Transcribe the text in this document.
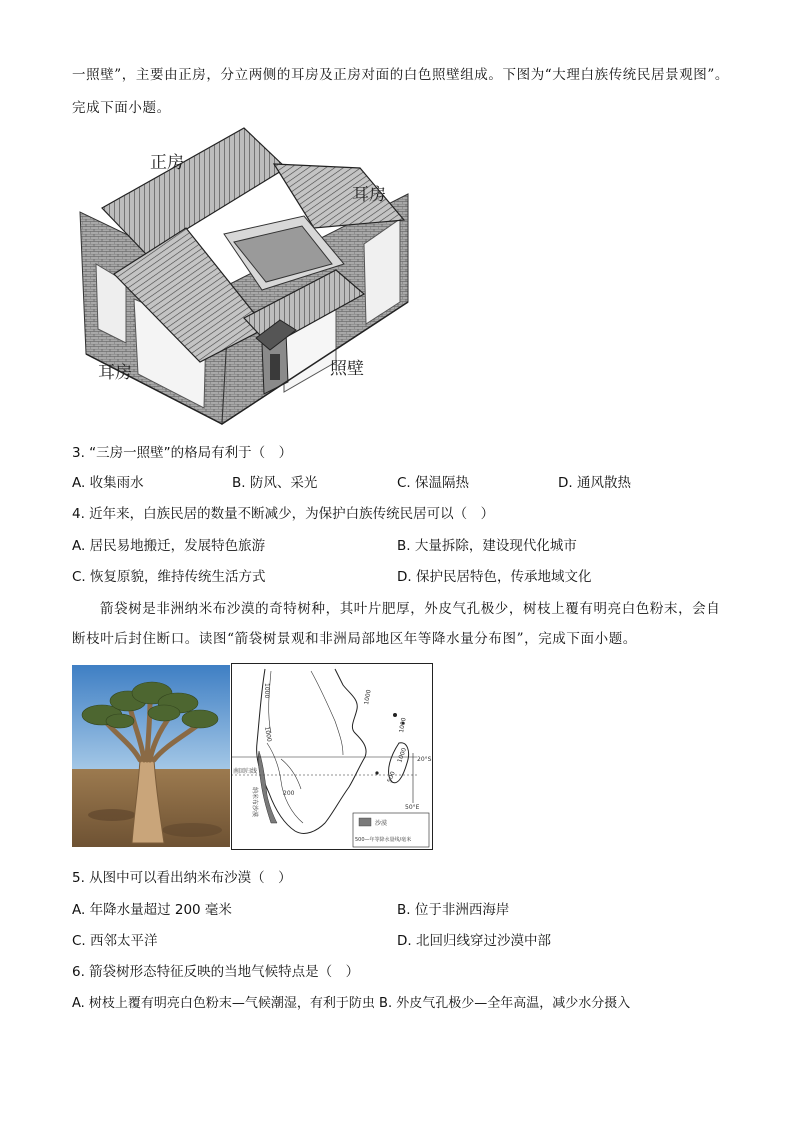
一照壁”，主要由正房，分立两侧的耳房及正房对面的白色照壁组成。下图为“大理白族传统民居景观图”。
完成下面小题。
正房
耳房
耳房	照壁
3. “三房一照壁”的格局有利于（　）
A. 收集雨水	B. 防风、采光	C. 保温隔热	D. 通风散热
4. 近年来，白族民居的数量不断减少，为保护白族传统民居可以（　）
A. 居民易地搬迁，发展特色旅游	B. 大量拆除，建设现代化城市
C. 恢复原貌，维持传统生活方式	D. 保护民居特色，传承地域文化
箭袋树是非洲纳米布沙漠的奇特树种，其叶片肥厚，外皮气孔极少，树枝上覆有明亮白色粉末，会自
断枝叶后封住断口。读图“箭袋树景观和非洲局部地区年等降水量分布图”，完成下面小题。
1000	1000
1000
1000
500
200
1000
20°S
50°E
南回归线
纳米布沙漠
沙漠
500—年等降水量线/毫米
5. 从图中可以看出纳米布沙漠（　）
A. 年降水量超过 200 毫米	B. 位于非洲西海岸
C. 西邻太平洋	D. 北回归线穿过沙漠中部
6. 箭袋树形态特征反映的当地气候特点是（　）
A. 树枝上覆有明亮白色粉末—气候潮湿，有利于防虫 B. 外皮气孔极少—全年高温，减少水分摄入
